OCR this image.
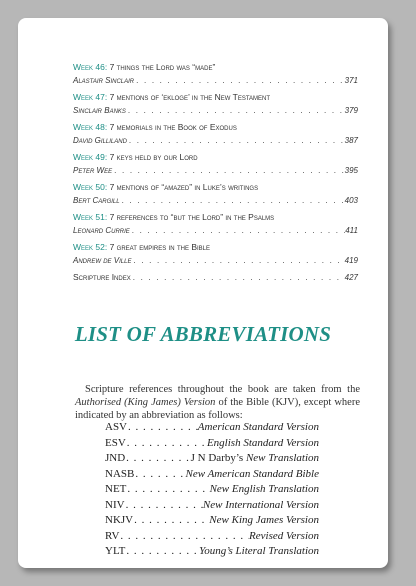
Week 46: 7 things the Lord was “made”
Alastair Sinclair . . .	371
Week 47: 7 mentions of ‘ekloge’ in the New Testament
Sinclair Banks . . .	379
Week 48: 7 memorials in the Book of Exodus
David Gilliland . . .	387
Week 49: 7 keys held by our Lord
Peter Wee . . .	395
Week 50: 7 mentions of “amazed” in Luke’s writings
Bert Cargill . . .	403
Week 51: 7 references to “but the Lord” in the Psalms
Leonard Currie . . .	411
Week 52: 7 great empires in the Bible
Andrew de Ville . . .	419
Scripture Index . . .	427
LIST OF ABBREVIATIONS

Scripture references throughout the book are taken from the Authorised (King James) Version of the Bible (KJV), except where indicated by an abbreviation as follows:

ASV . . .	American Standard Version
ESV . . .	English Standard Version
JND . . .	J N Darby’s New Translation
NASB . . .	New American Standard Bible
NET . . .	New English Translation
NIV . . .	New International Version
NKJV . . .	New King James Version
RV . . .	Revised Version
YLT . . .	Young’s Literal Translation
